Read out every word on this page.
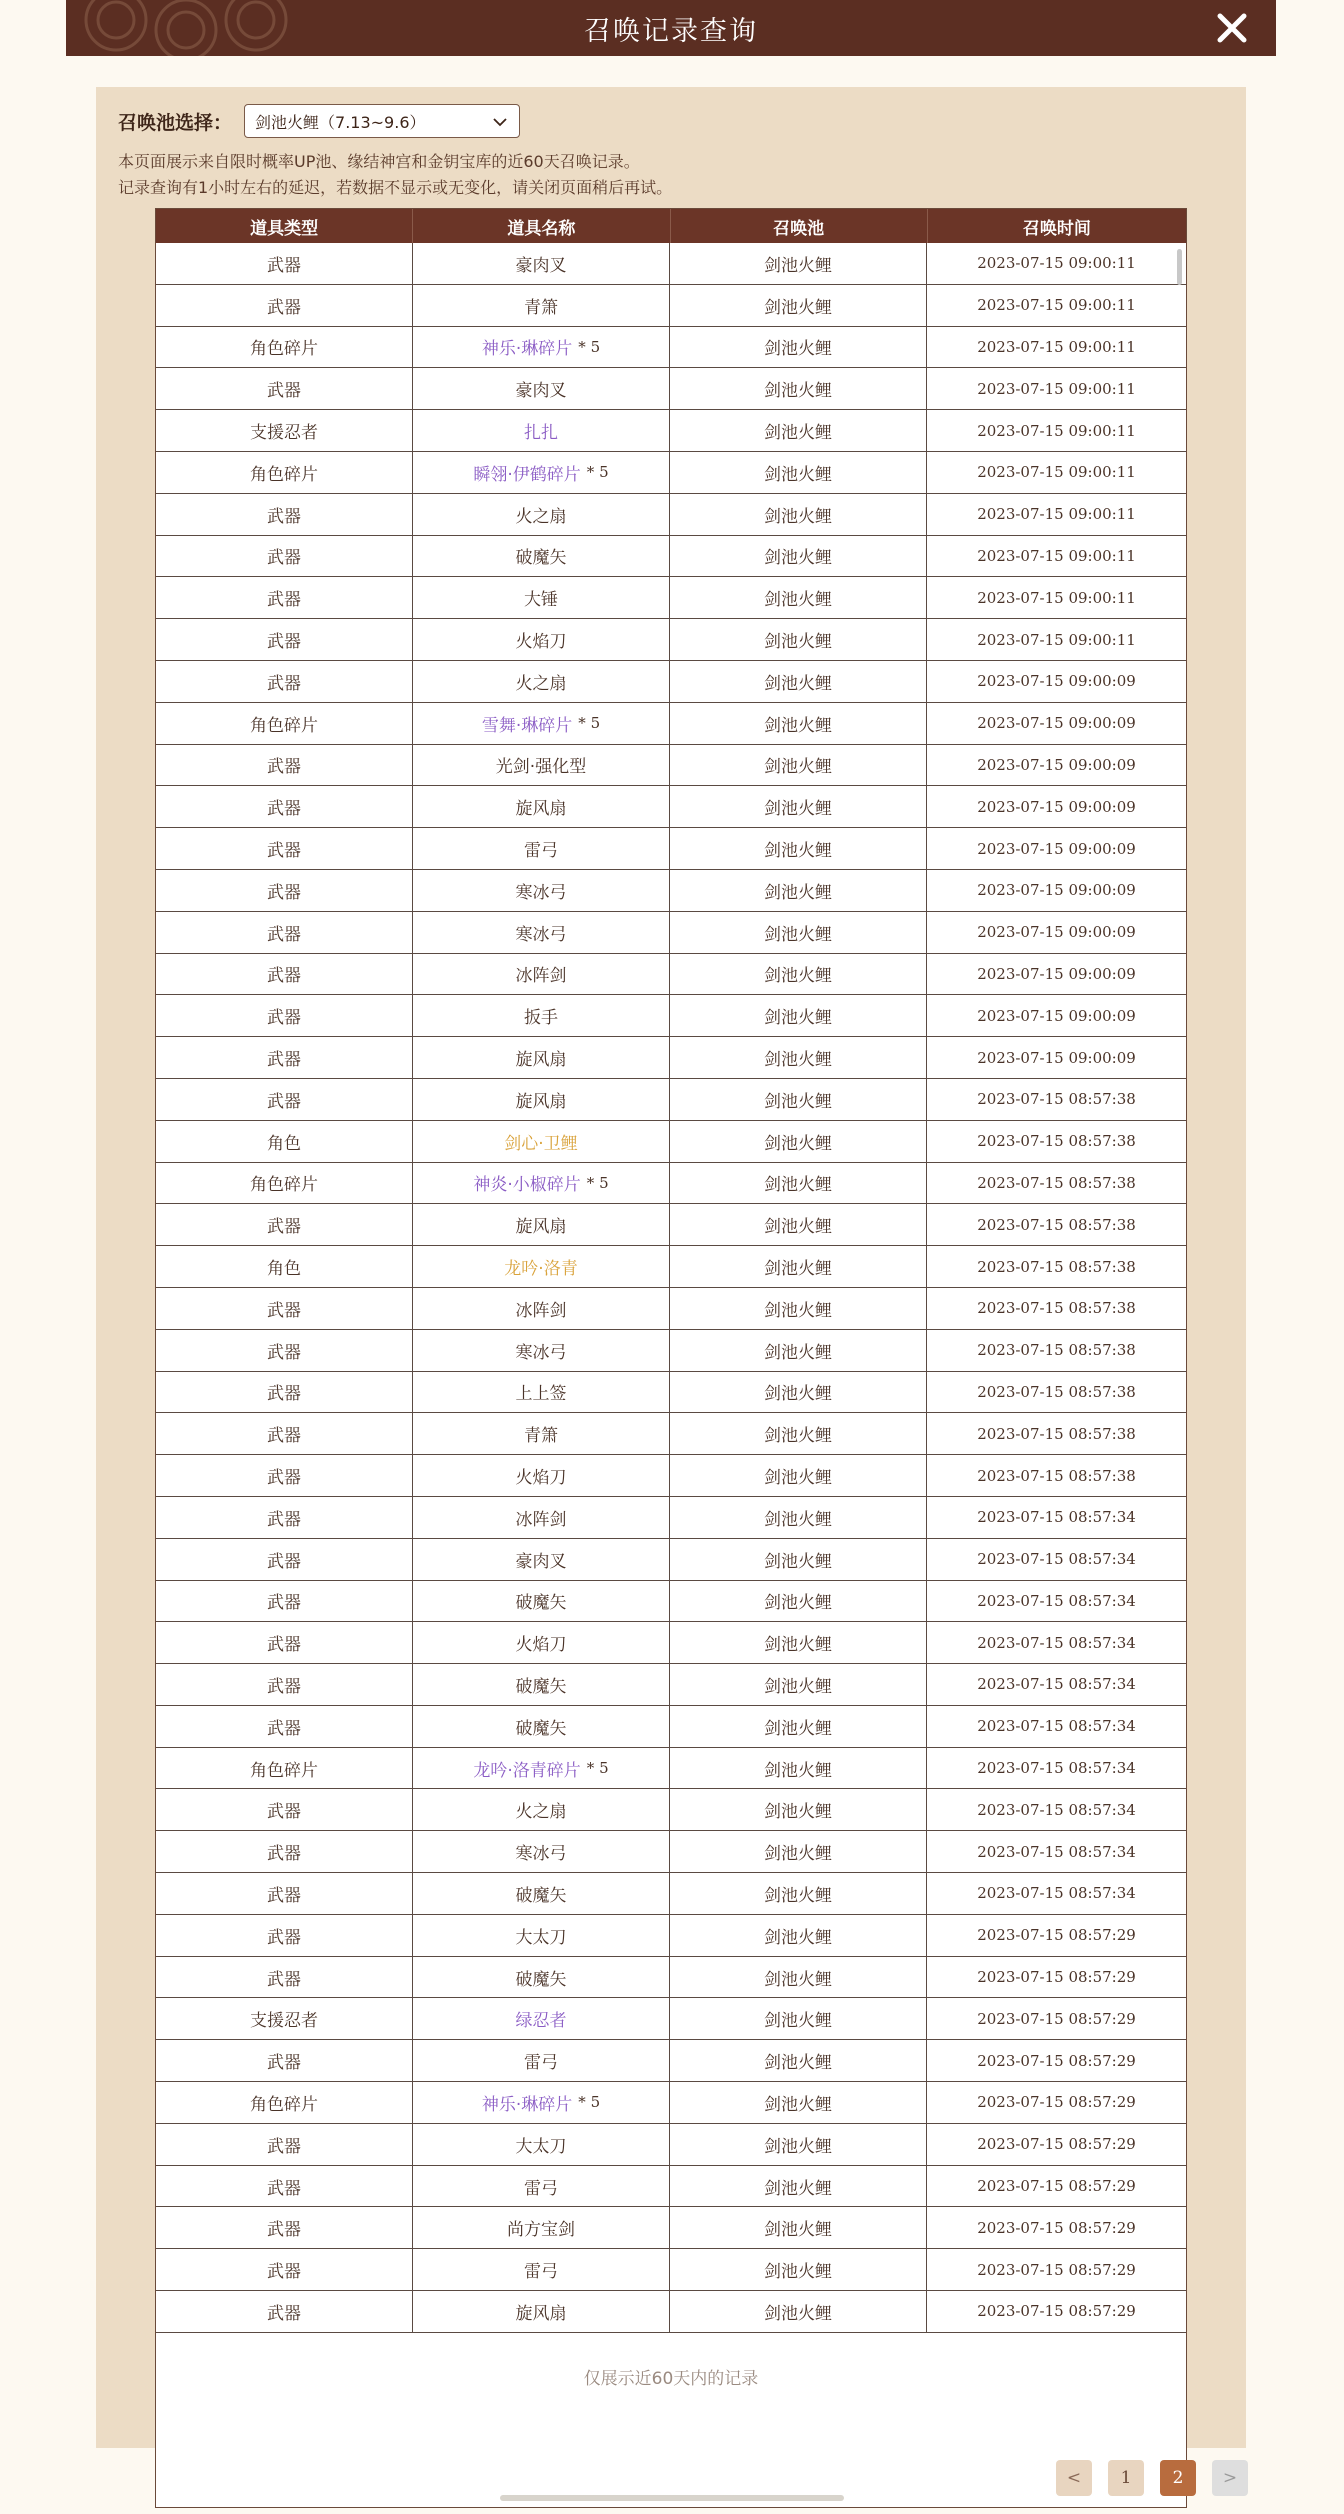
召唤记录查询
召唤池选择： 剑池火鲤（7.13~9.6）
本页面展示来自限时概率UP池、缘结神宫和金钥宝库的近60天召唤记录。
记录查询有1小时左右的延迟，若数据不显示或无变化，请关闭页面稍后再试。
道具类型	道具名称	召唤池	召唤时间
武器	豪肉叉	剑池火鲤	2023-07-15 09:00:11
武器	青箫	剑池火鲤	2023-07-15 09:00:11
角色碎片	神乐·琳碎片 * 5	剑池火鲤	2023-07-15 09:00:11
武器	豪肉叉	剑池火鲤	2023-07-15 09:00:11
支援忍者	扎扎	剑池火鲤	2023-07-15 09:00:11
角色碎片	瞬翎·伊鹤碎片 * 5	剑池火鲤	2023-07-15 09:00:11
武器	火之扇	剑池火鲤	2023-07-15 09:00:11
武器	破魔矢	剑池火鲤	2023-07-15 09:00:11
武器	大锤	剑池火鲤	2023-07-15 09:00:11
武器	火焰刀	剑池火鲤	2023-07-15 09:00:11
武器	火之扇	剑池火鲤	2023-07-15 09:00:09
角色碎片	雪舞·琳碎片 * 5	剑池火鲤	2023-07-15 09:00:09
武器	光剑·强化型	剑池火鲤	2023-07-15 09:00:09
武器	旋风扇	剑池火鲤	2023-07-15 09:00:09
武器	雷弓	剑池火鲤	2023-07-15 09:00:09
武器	寒冰弓	剑池火鲤	2023-07-15 09:00:09
武器	寒冰弓	剑池火鲤	2023-07-15 09:00:09
武器	冰阵剑	剑池火鲤	2023-07-15 09:00:09
武器	扳手	剑池火鲤	2023-07-15 09:00:09
武器	旋风扇	剑池火鲤	2023-07-15 09:00:09
武器	旋风扇	剑池火鲤	2023-07-15 08:57:38
角色	剑心·卫鲤	剑池火鲤	2023-07-15 08:57:38
角色碎片	神炎·小椒碎片 * 5	剑池火鲤	2023-07-15 08:57:38
武器	旋风扇	剑池火鲤	2023-07-15 08:57:38
角色	龙吟·洛青	剑池火鲤	2023-07-15 08:57:38
武器	冰阵剑	剑池火鲤	2023-07-15 08:57:38
武器	寒冰弓	剑池火鲤	2023-07-15 08:57:38
武器	上上签	剑池火鲤	2023-07-15 08:57:38
武器	青箫	剑池火鲤	2023-07-15 08:57:38
武器	火焰刀	剑池火鲤	2023-07-15 08:57:38
武器	冰阵剑	剑池火鲤	2023-07-15 08:57:34
武器	豪肉叉	剑池火鲤	2023-07-15 08:57:34
武器	破魔矢	剑池火鲤	2023-07-15 08:57:34
武器	火焰刀	剑池火鲤	2023-07-15 08:57:34
武器	破魔矢	剑池火鲤	2023-07-15 08:57:34
武器	破魔矢	剑池火鲤	2023-07-15 08:57:34
角色碎片	龙吟·洛青碎片 * 5	剑池火鲤	2023-07-15 08:57:34
武器	火之扇	剑池火鲤	2023-07-15 08:57:34
武器	寒冰弓	剑池火鲤	2023-07-15 08:57:34
武器	破魔矢	剑池火鲤	2023-07-15 08:57:34
武器	大太刀	剑池火鲤	2023-07-15 08:57:29
武器	破魔矢	剑池火鲤	2023-07-15 08:57:29
支援忍者	绿忍者	剑池火鲤	2023-07-15 08:57:29
武器	雷弓	剑池火鲤	2023-07-15 08:57:29
角色碎片	神乐·琳碎片 * 5	剑池火鲤	2023-07-15 08:57:29
武器	大太刀	剑池火鲤	2023-07-15 08:57:29
武器	雷弓	剑池火鲤	2023-07-15 08:57:29
武器	尚方宝剑	剑池火鲤	2023-07-15 08:57:29
武器	雷弓	剑池火鲤	2023-07-15 08:57:29
武器	旋风扇	剑池火鲤	2023-07-15 08:57:29
仅展示近60天内的记录
<	1	2	>
